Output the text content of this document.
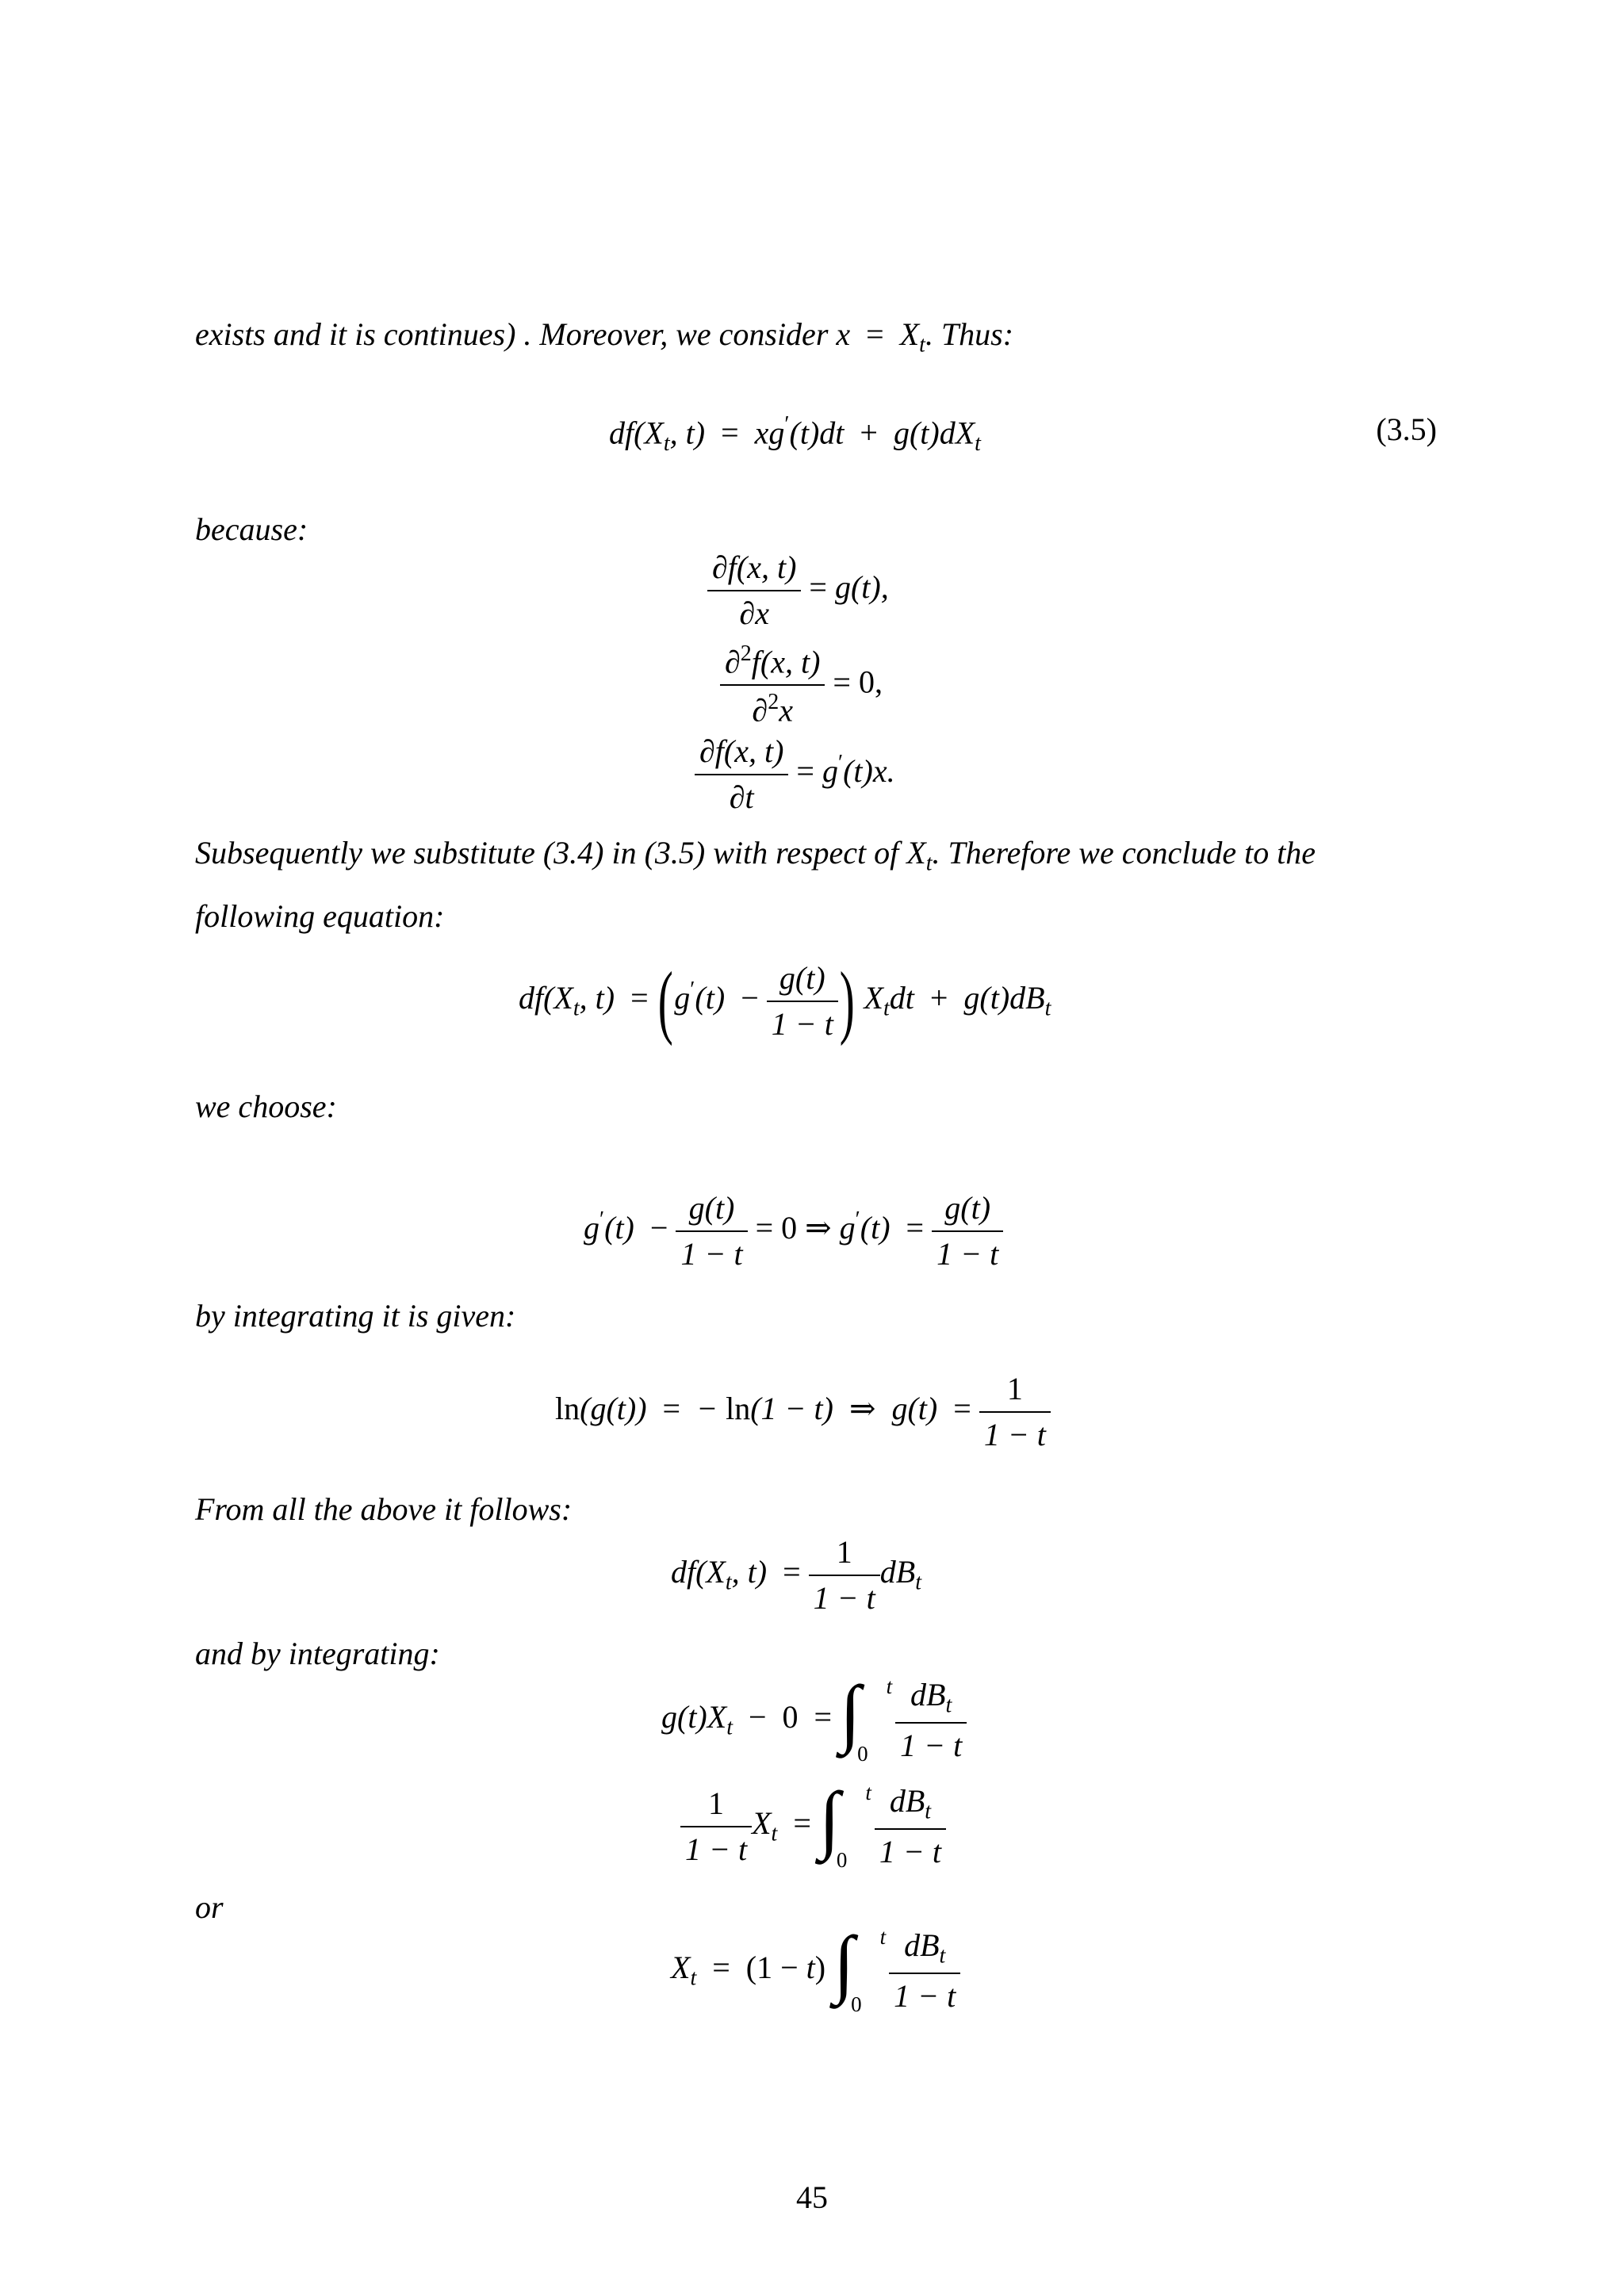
exists and it is continues) . Moreover, we consider $x = X_t$. Thus:
$df(X_t$, $t) = xg'(t)dt + g(t)dX_t$	(3.5)
because:
$\frac{\partial f(x, t)}{\partial x} = g(t)$,
$\frac{\partial^2f(x, t)}{\partial^2x} = 0$,
$\frac{\partial f(x, t)}{\partial t} = g'(t)x$.
Subsequently we substitute (3.4) in (3.5) with respect of $X_t$. Therefore we conclude to the
following equation:
$df(X_t$, $t) = (g'(t) - \frac{g(t)}{1 - t}$ ) $X_tdt + g(t)dB_t$
we choose:
$g'(t) - \frac{g(t)}{1 - t} = 0$ ⇒ $g'(t) = \frac{g(t)}{1 - t}$
by integrating it is given:
ln(g(t)) = − ln(1 − t) ⇒ $g(t) = \frac{1}{1 - t}$
From all the above it follows:
$df(X_t$, $t) = \frac{1}{1 - t} dB_t$
and by integrating:
$g(t)X_t - 0$ = ∫ t
$0 \frac{dB_t}{1 - t}$
$\frac{1}{1 - t} X_t$ = ∫ t
$0 \frac{dB_t}{1 - t}$
or
$X_t = (1 - t)$ ∫ t
$0 \frac{dB_t}{1 - t}$
45
